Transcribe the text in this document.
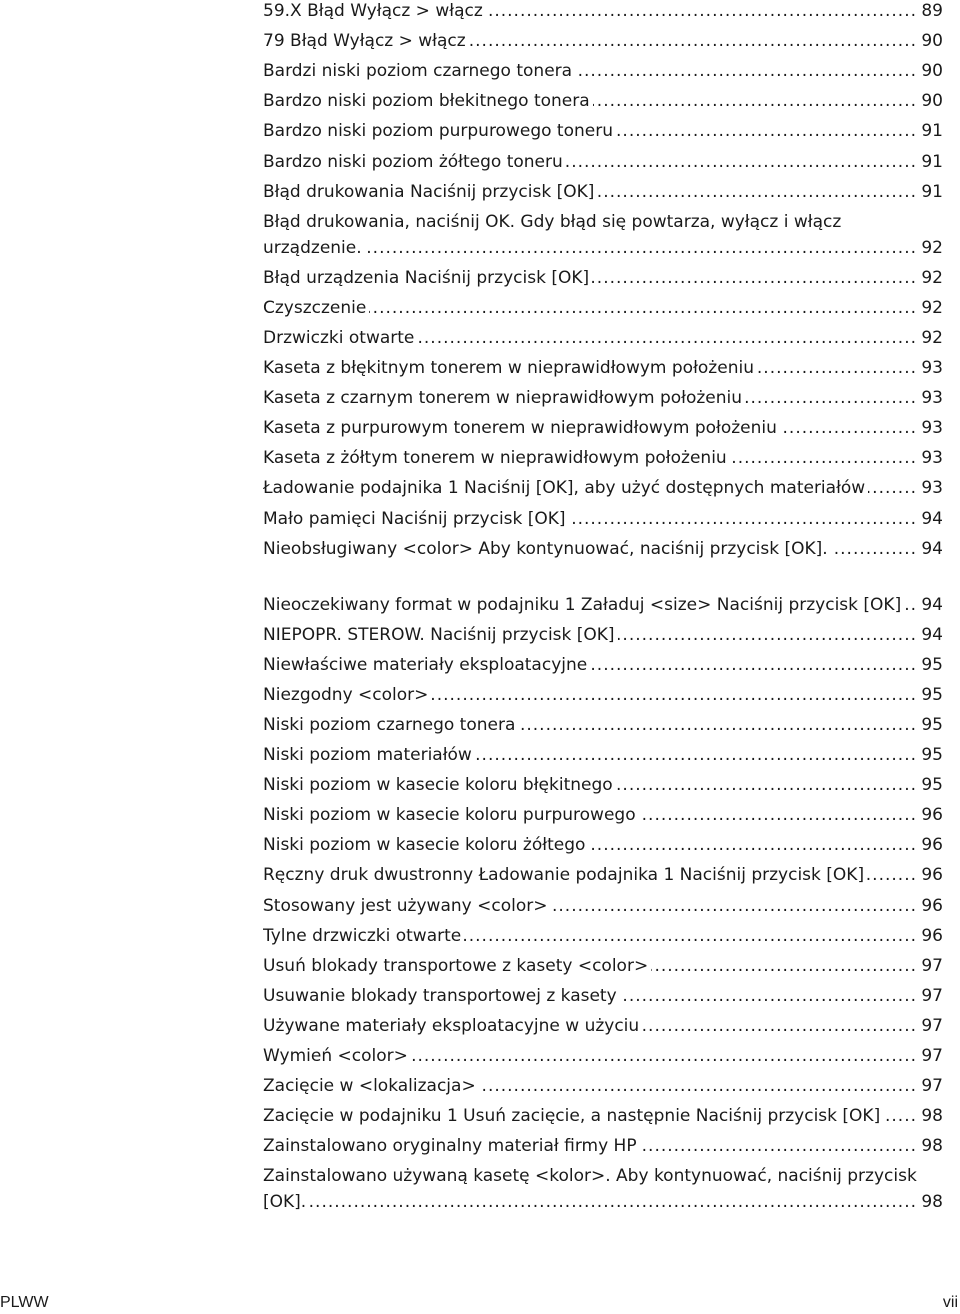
59.X Błąd Wyłącz > włącz .....	89
79 Błąd Wyłącz > włącz .....	90
Bardzi niski poziom czarnego tonera .....	90
Bardzo niski poziom błekitnego tonera .....	90
Bardzo niski poziom purpurowego toneru .....	91
Bardzo niski poziom żółtego toneru .....	91
Błąd drukowania Naciśnij przycisk [OK] .....	91
Błąd drukowania, naciśnij OK. Gdy błąd się powtarza, wyłącz i włącz urządzenie. .....	92
Błąd urządzenia Naciśnij przycisk [OK] .....	92
Czyszczenie .....	92
Drzwiczki otwarte .....	92
Kaseta z błękitnym tonerem w nieprawidłowym położeniu .....	93
Kaseta z czarnym tonerem w nieprawidłowym położeniu .....	93
Kaseta z purpurowym tonerem w nieprawidłowym położeniu .....	93
Kaseta z żółtym tonerem w nieprawidłowym położeniu .....	93
Ładowanie podajnika 1 Naciśnij [OK], aby użyć dostępnych materiałów .....	93
Mało pamięci Naciśnij przycisk [OK] .....	94
Nieobsługiwany <color> Aby kontynuować, naciśnij przycisk [OK]. .....	94
Nieoczekiwany format w podajniku 1 Załaduj <size> Naciśnij przycisk [OK] .....	94
NIEPOPR. STEROW. Naciśnij przycisk [OK] .....	94
Niewłaściwe materiały eksploatacyjne .....	95
Niezgodny <color> .....	95
Niski poziom czarnego tonera .....	95
Niski poziom materiałów .....	95
Niski poziom w kasecie koloru błękitnego .....	95
Niski poziom w kasecie koloru purpurowego .....	96
Niski poziom w kasecie koloru żółtego .....	96
Ręczny druk dwustronny Ładowanie podajnika 1 Naciśnij przycisk [OK] .....	96
Stosowany jest używany <color> .....	96
Tylne drzwiczki otwarte .....	96
Usuń blokady transportowe z kasety <color> .....	97
Usuwanie blokady transportowej z kasety .....	97
Używane materiały eksploatacyjne w użyciu .....	97
Wymień <color> .....	97
Zacięcie w <lokalizacja> .....	97
Zacięcie w podajniku 1 Usuń zacięcie, a następnie Naciśnij przycisk [OK] .....	98
Zainstalowano oryginalny materiał firmy HP .....	98
Zainstalowano używaną kasetę <kolor>. Aby kontynuować, naciśnij przycisk [OK]. .....	98
PLWW	vii
